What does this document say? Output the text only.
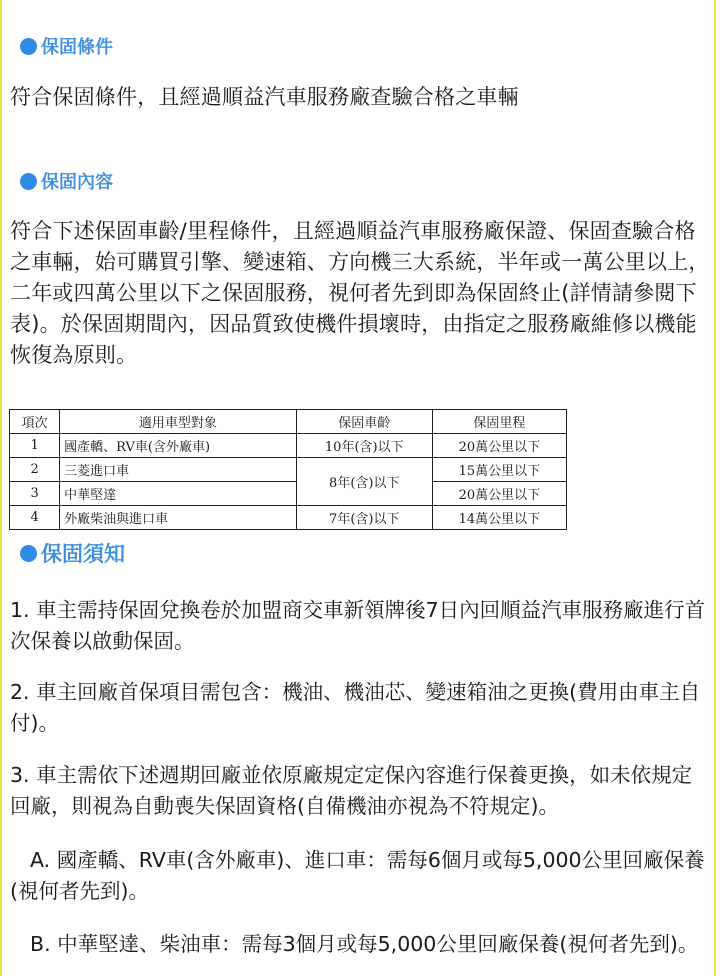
保固條件
符合保固條件，且經過順益汽車服務廠查驗合格之車輛
保固內容
符合下述保固車齡/里程條件，且經過順益汽車服務廠保證、保固查驗合格之車輛，始可購買引擎、變速箱、方向機三大系統，半年或一萬公里以上，二年或四萬公里以下之保固服務，視何者先到即為保固終止(詳情請參閱下表)。於保固期間內，因品質致使機件損壞時，由指定之服務廠維修以機能恢復為原則。
項次	適用車型對象	保固車齡	保固里程
1	國產轎、RV車(含外廠車)	10年(含)以下	20萬公里以下
2	三菱進口車	8年(含)以下	15萬公里以下
3	中華堅達		20萬公里以下
4	外廠柴油與進口車	7年(含)以下	14萬公里以下
保固須知
1. 車主需持保固兌換卷於加盟商交車新領牌後7日內回順益汽車服務廠進行首次保養以啟動保固。
2. 車主回廠首保項目需包含：機油、機油芯、變速箱油之更換(費用由車主自付)。
3. 車主需依下述週期回廠並依原廠規定定保內容進行保養更換，如未依規定回廠，則視為自動喪失保固資格(自備機油亦視為不符規定)。
A. 國產轎、RV車(含外廠車)、進口車：需每6個月或每5,000公里回廠保養(視何者先到)。
B. 中華堅達、柴油車：需每3個月或每5,000公里回廠保養(視何者先到)。
